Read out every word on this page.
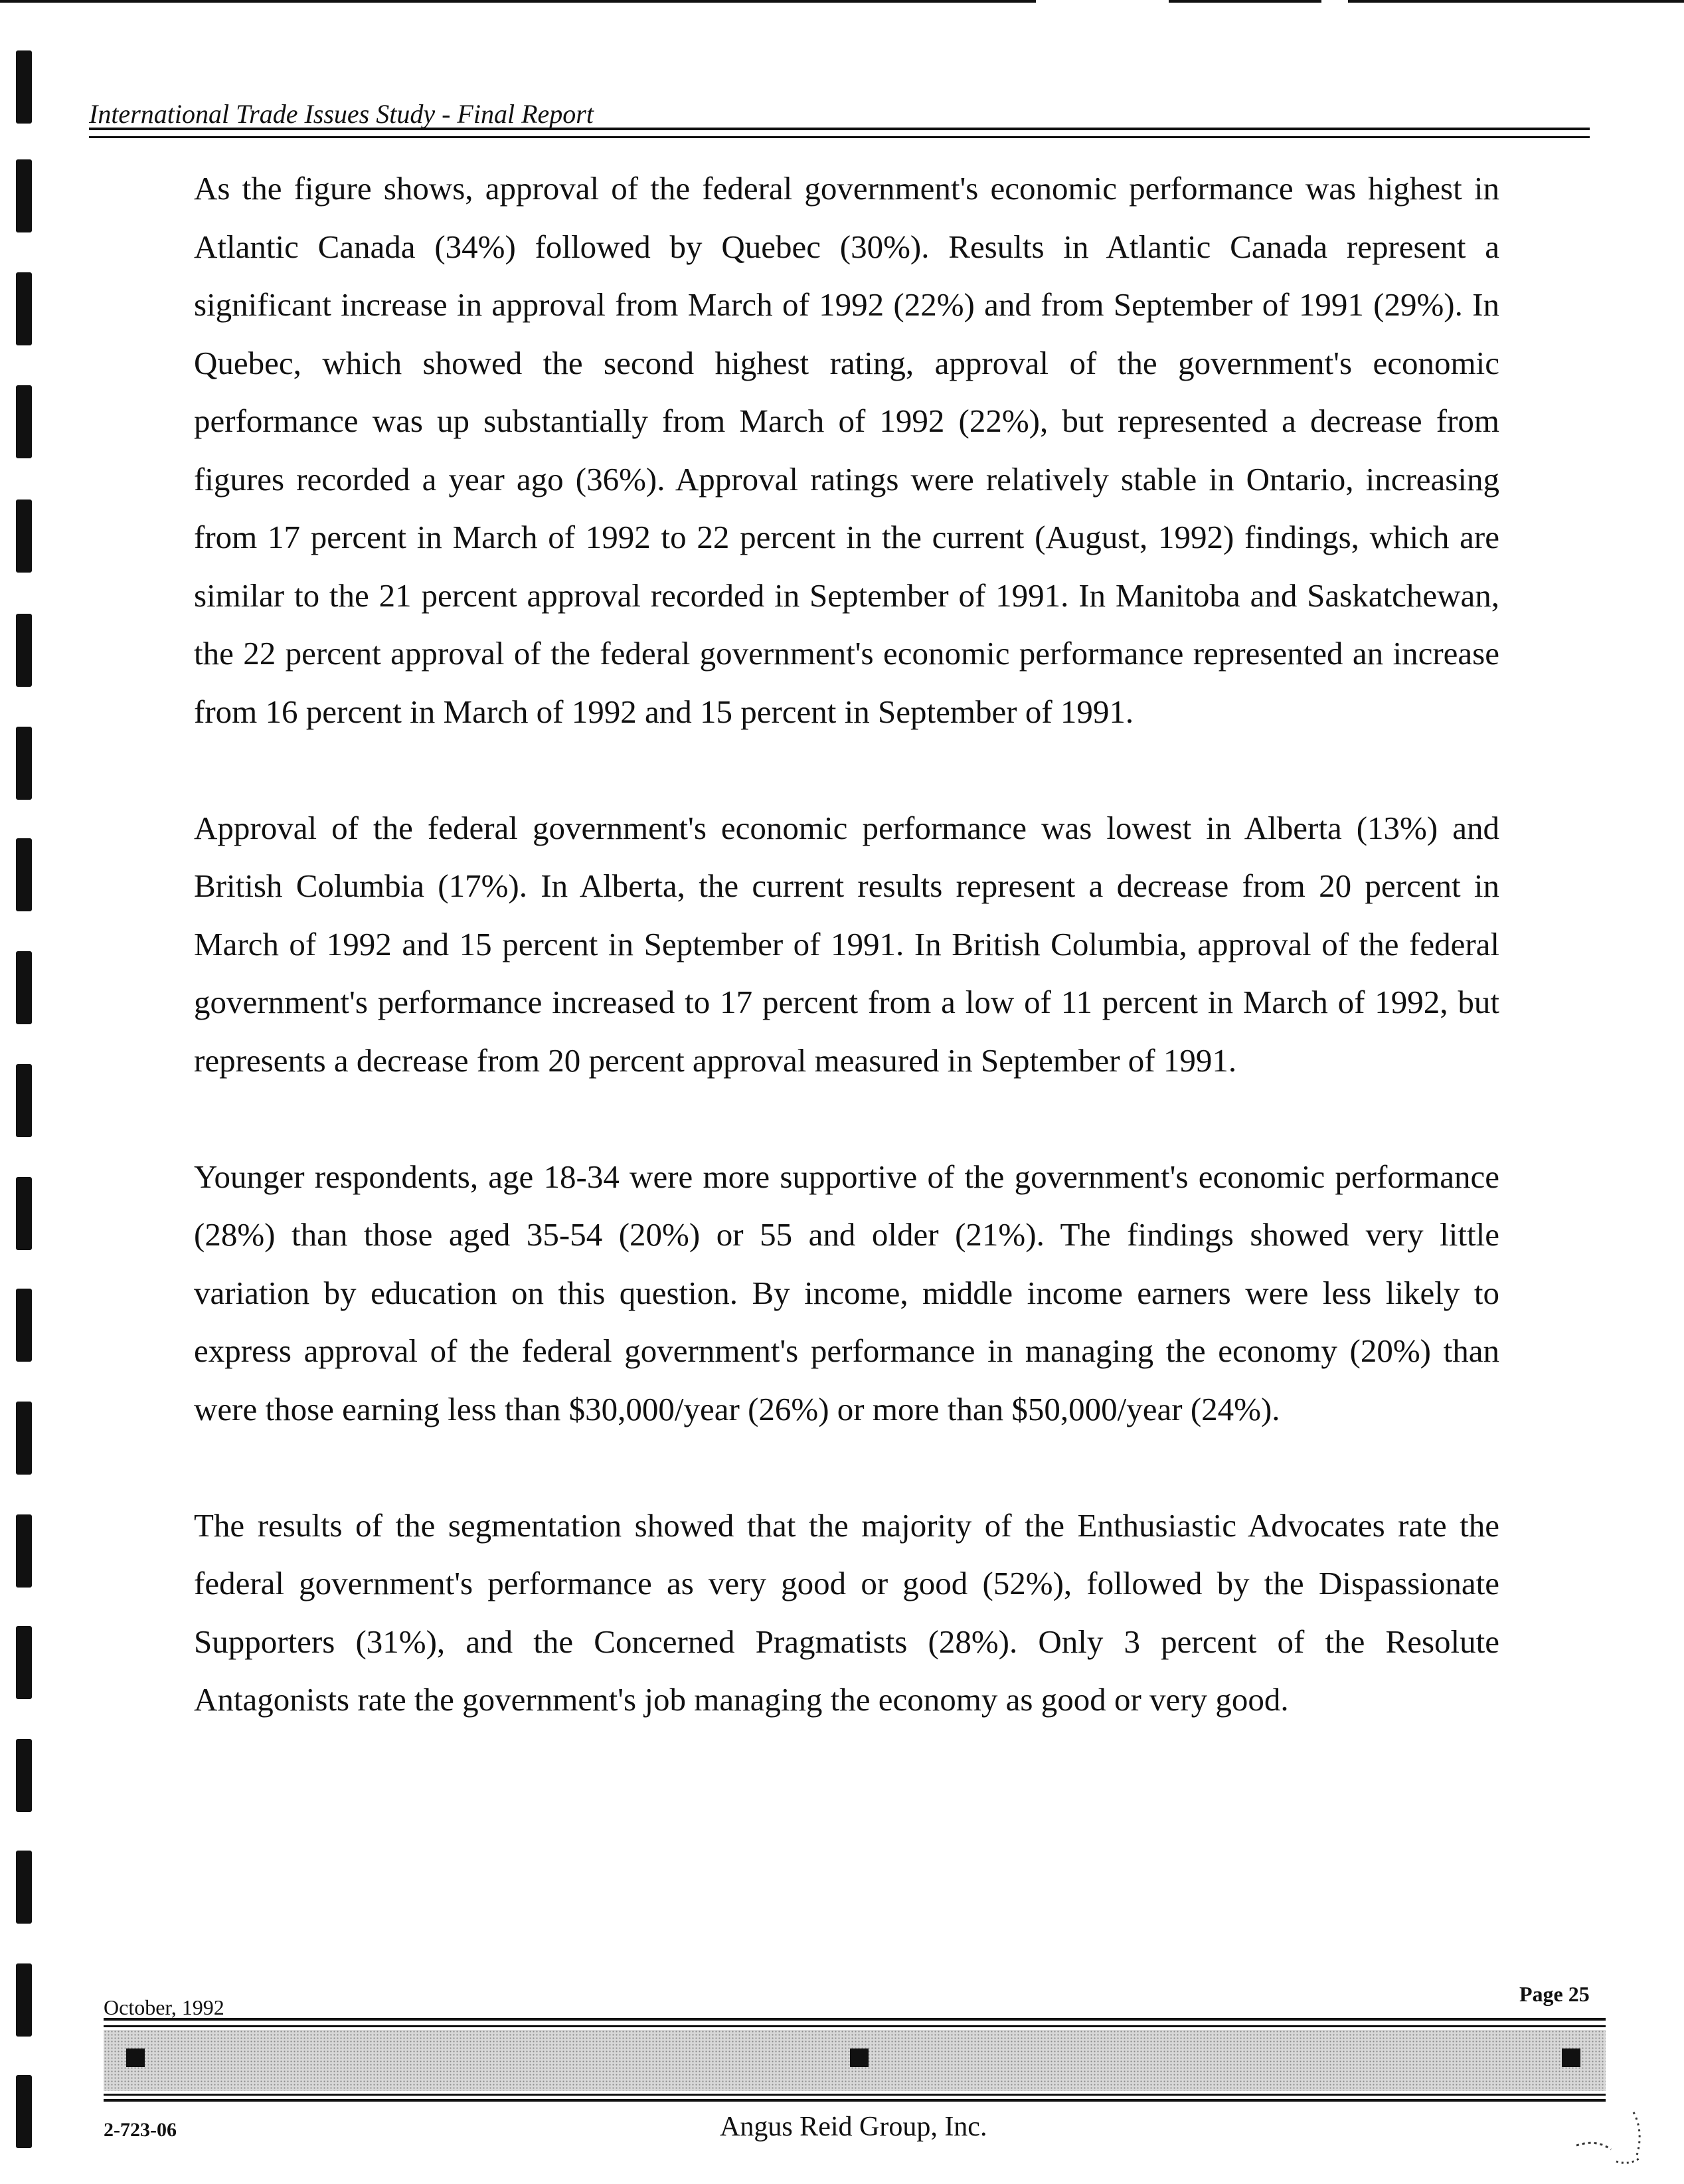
International Trade Issues Study - Final Report

As the figure shows, approval of the federal government's economic performance was highest in Atlantic Canada (34%) followed by Quebec (30%). Results in Atlantic Canada represent a significant increase in approval from March of 1992 (22%) and from September of 1991 (29%). In Quebec, which showed the second highest rating, approval of the government's economic performance was up substantially from March of 1992 (22%), but represented a decrease from figures recorded a year ago (36%). Approval ratings were relatively stable in Ontario, increasing from 17 percent in March of 1992 to 22 percent in the current (August, 1992) findings, which are similar to the 21 percent approval recorded in September of 1991. In Manitoba and Saskatchewan, the 22 percent approval of the federal government's economic performance represented an increase from 16 percent in March of 1992 and 15 percent in September of 1991.

Approval of the federal government's economic performance was lowest in Alberta (13%) and British Columbia (17%). In Alberta, the current results represent a decrease from 20 percent in March of 1992 and 15 percent in September of 1991. In British Columbia, approval of the federal government's performance increased to 17 percent from a low of 11 percent in March of 1992, but represents a decrease from 20 percent approval measured in September of 1991.

Younger respondents, age 18-34 were more supportive of the government's economic performance (28%) than those aged 35-54 (20%) or 55 and older (21%). The findings showed very little variation by education on this question. By income, middle income earners were less likely to express approval of the federal government's performance in managing the economy (20%) than were those earning less than $30,000/year (26%) or more than $50,000/year (24%).

The results of the segmentation showed that the majority of the Enthusiastic Advocates rate the federal government's performance as very good or good (52%), followed by the Dispassionate Supporters (31%), and the Concerned Pragmatists (28%). Only 3 percent of the Resolute Antagonists rate the government's job managing the economy as good or very good.

Page 25
October, 1992
2-723-06	Angus Reid Group, Inc.
